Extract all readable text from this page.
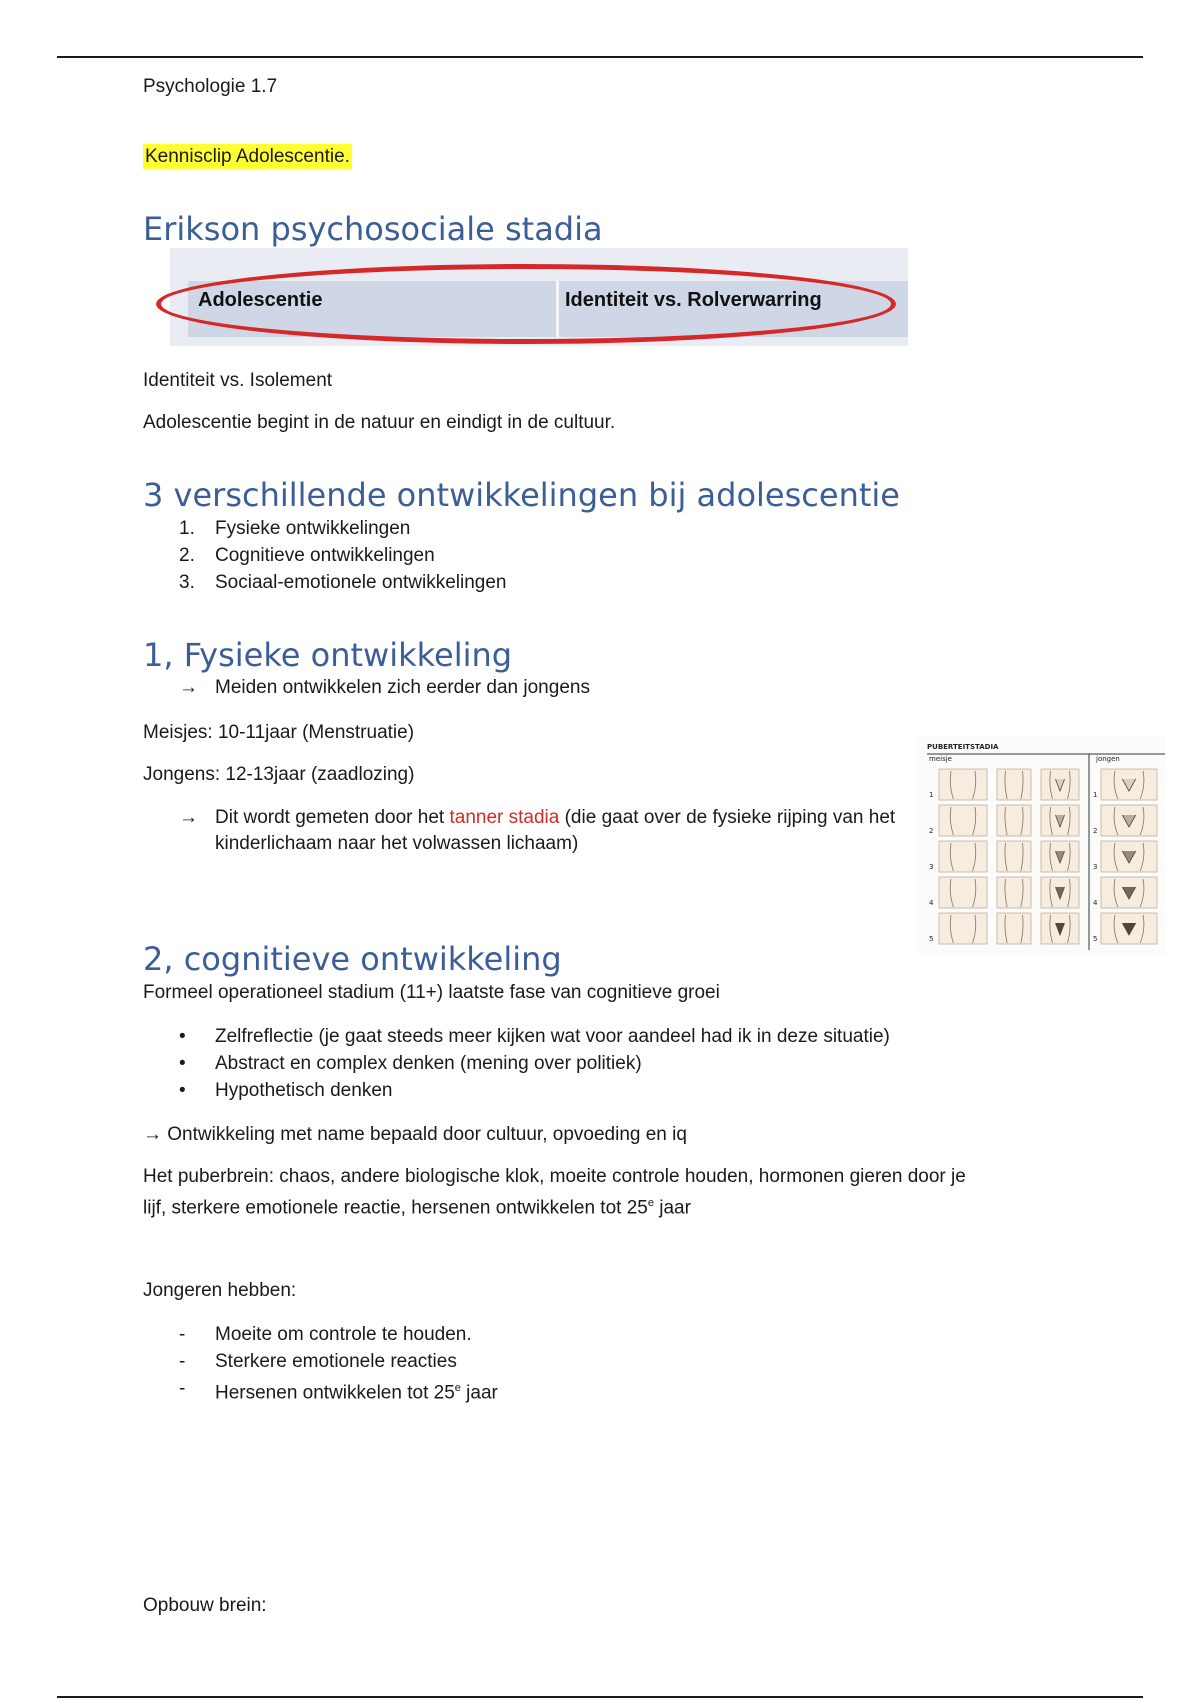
Psychologie 1.7
Kennisclip Adolescentie.
Erikson psychosociale stadia
Adolescentie	Identiteit vs. Rolverwarring
Identiteit vs. Isolement
Adolescentie begint in de natuur en eindigt in de cultuur.
3 verschillende ontwikkelingen bij adolescentie
1.	Fysieke ontwikkelingen
2.	Cognitieve ontwikkelingen
3.	Sociaal-emotionele ontwikkelingen
1, Fysieke ontwikkeling
→ Meiden ontwikkelen zich eerder dan jongens
Meisjes: 10-11jaar (Menstruatie)
Jongens: 12-13jaar (zaadlozing)
→ Dit wordt gemeten door het tanner stadia (die gaat over de fysieke rijping van het kinderlichaam naar het volwassen lichaam)
PUBERTEITSTADIA
meisje	jongen
1	1
2	2
3	3
4	4
5	5
2, cognitieve ontwikkeling
Formeel operationeel stadium (11+) laatste fase van cognitieve groei
•	Zelfreflectie (je gaat steeds meer kijken wat voor aandeel had ik in deze situatie)
•	Abstract en complex denken (mening over politiek)
•	Hypothetisch denken
→ Ontwikkeling met name bepaald door cultuur, opvoeding en iq
Het puberbrein: chaos, andere biologische klok, moeite controle houden, hormonen gieren door je
lijf, sterkere emotionele reactie, hersenen ontwikkelen tot 25e jaar
Jongeren hebben:
-	Moeite om controle te houden.
-	Sterkere emotionele reacties
-	Hersenen ontwikkelen tot 25e jaar
Opbouw brein:
